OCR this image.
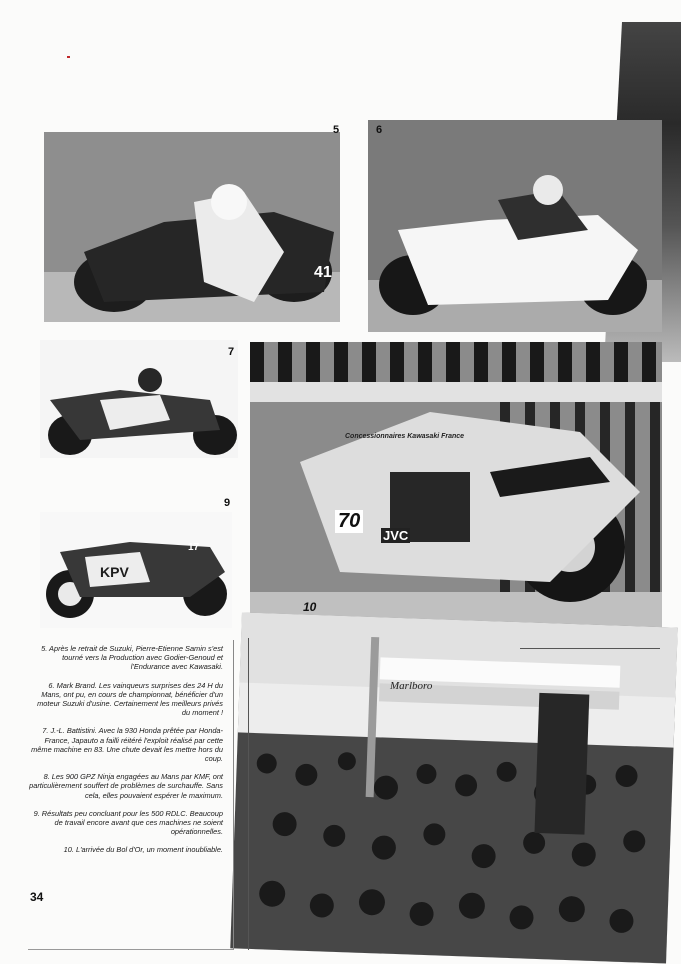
41
5	6
7
70
Concessionnaires Kawasaki France
JVC
KPV
17
9
10
Marlboro

5. Après le retrait de Suzuki, Pierre-Etienne Samin s'est tourné vers la Production avec Godier-Genoud et l'Endurance avec Kawasaki.

6. Mark Brand. Les vainqueurs surprises des 24 H du Mans, ont pu, en cours de championnat, bénéficier d'un moteur Suzuki d'usine. Certainement les meilleurs privés du moment !

7. J.-L. Battistini. Avec la 930 Honda prêtée par Honda-France, Japauto a failli réitéré l'exploit réalisé par cette même machine en 83. Une chute devait les mettre hors du coup.

8. Les 900 GPZ Ninja engagées au Mans par KMF, ont particulièrement souffert de problèmes de surchauffe. Sans cela, elles pouvaient espérer le maximum.

9. Résultats peu concluant pour les 500 RDLC. Beaucoup de travail encore avant que ces machines ne soient opérationnelles.

10. L'arrivée du Bol d'Or, un moment inoubliable.

34
